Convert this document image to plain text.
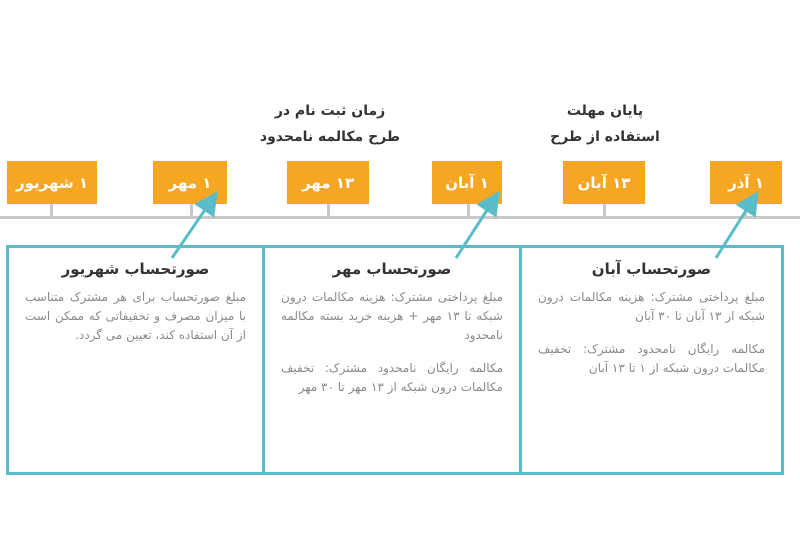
زمان ثبت نام در
طرح مکالمه نامحدود
پایان مهلت
استفاده از طرح
۱ شهریور	۱ مهر	۱۳ مهر	۱ آبان	۱۳ آبان	۱ آذر
صورتحساب شهریور
مبلغ صورتحساب برای هر مشترک متناسب با میزان مصرف و تخفیفاتی که ممکن است از آن استفاده کند، تعیین می گردد.
صورتحساب مهر
مبلغ پرداختی مشترک: هزینه مکالمات درون شبکه تا ۱۳ مهر + هزینه خرید بسته مکالمه نامحدود
مکالمه رایگان نامحدود مشترک: تخفیف مکالمات درون شبکه از ۱۳ مهر تا ۳۰ مهر
صورتحساب آبان
مبلغ پرداختی مشترک: هزینه مکالمات درون شبکه از ۱۳ آبان تا ۳۰ آبان
مکالمه رایگان نامحدود مشترک: تخفیف مکالمات درون شبکه از ۱ تا ۱۳ آبان
